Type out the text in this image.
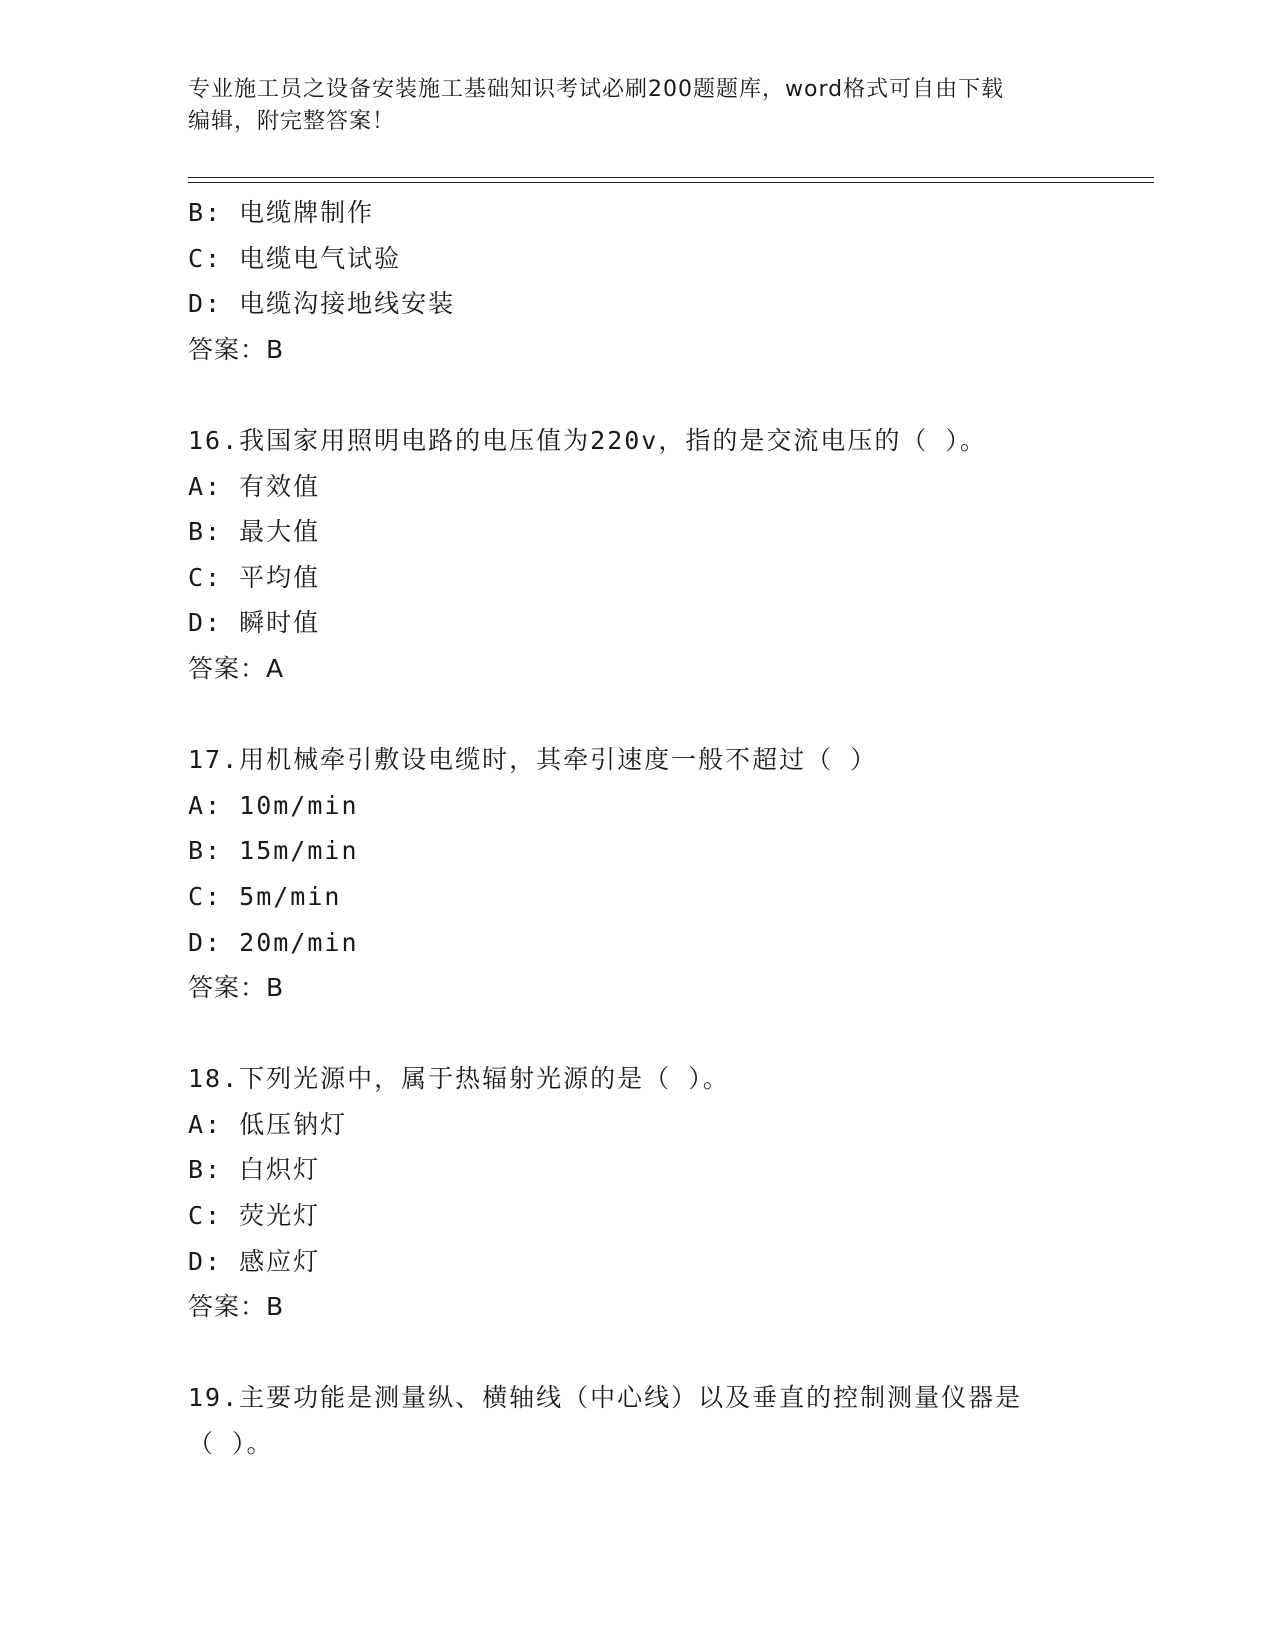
专业施工员之设备安装施工基础知识考试必刷200题题库，word格式可自由下载
编辑，附完整答案！
B: 电缆牌制作
C: 电缆电气试验
D: 电缆沟接地线安装
答案：B
16.我国家用照明电路的电压值为220v，指的是交流电压的（ ）。
A: 有效值
B: 最大值
C: 平均值
D: 瞬时值
答案：A
17.用机械牵引敷设电缆时，其牵引速度一般不超过（ ）
A: 10m/min
B: 15m/min
C: 5m/min
D: 20m/min
答案：B
18.下列光源中，属于热辐射光源的是（ ）。
A: 低压钠灯
B: 白炽灯
C: 荧光灯
D: 感应灯
答案：B
19.主要功能是测量纵、横轴线（中心线）以及垂直的控制测量仪器是
（ ）。
